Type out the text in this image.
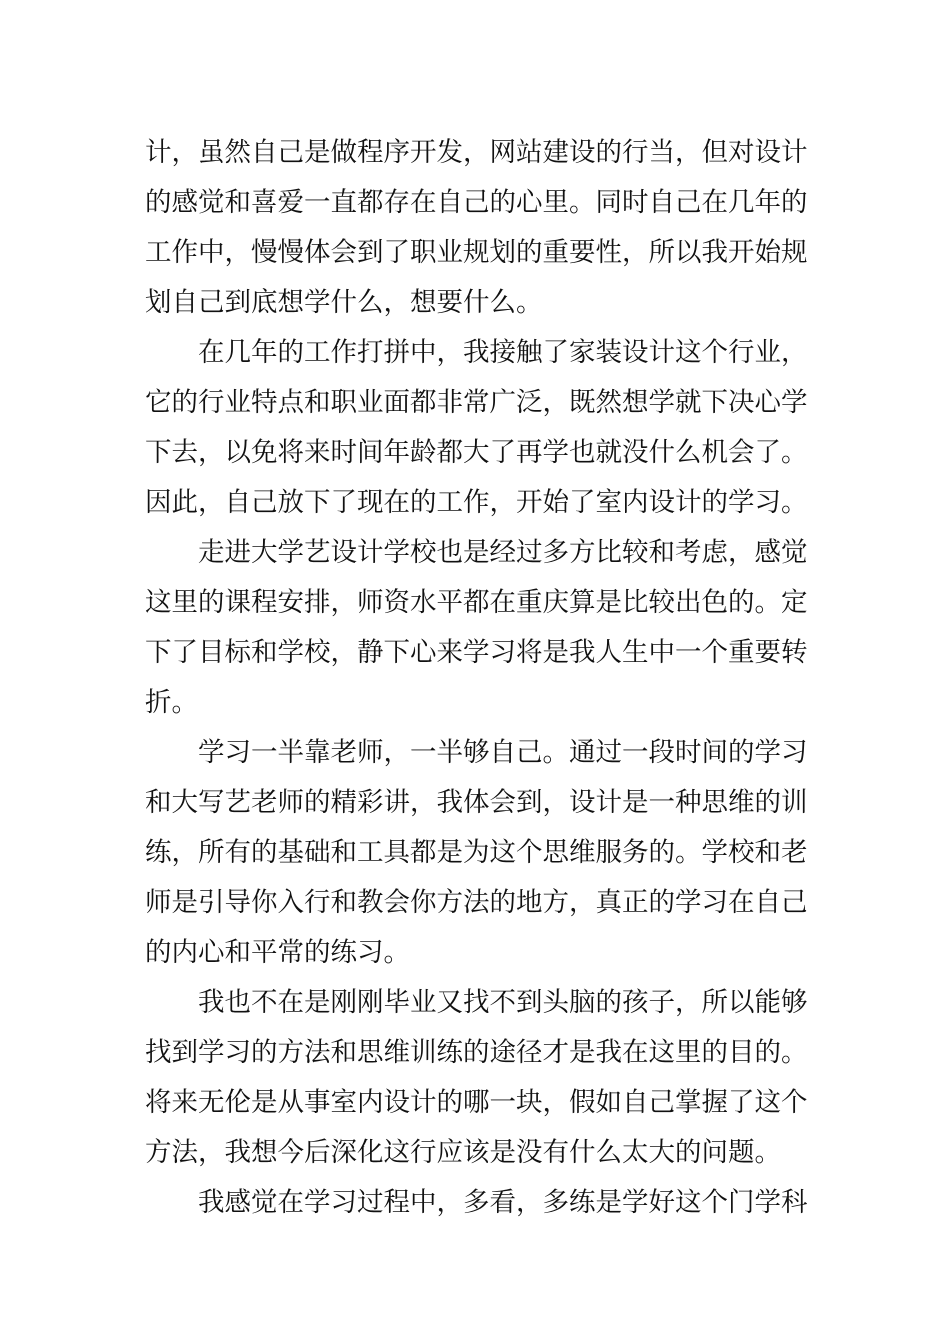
计，虽然自己是做程序开发，网站建设的行当，但对设计
的感觉和喜爱一直都存在自己的心里。同时自己在几年的
工作中，慢慢体会到了职业规划的重要性，所以我开始规
划自己到底想学什么，想要什么。
在几年的工作打拼中，我接触了家装设计这个行业，
它的行业特点和职业面都非常广泛，既然想学就下决心学
下去，以免将来时间年龄都大了再学也就没什么机会了。
因此，自己放下了现在的工作，开始了室内设计的学习。
走进大学艺设计学校也是经过多方比较和考虑，感觉
这里的课程安排，师资水平都在重庆算是比较出色的。定
下了目标和学校，静下心来学习将是我人生中一个重要转
折。
学习一半靠老师，一半够自己。通过一段时间的学习
和大写艺老师的精彩讲，我体会到，设计是一种思维的训
练，所有的基础和工具都是为这个思维服务的。学校和老
师是引导你入行和教会你方法的地方，真正的学习在自己
的内心和平常的练习。
我也不在是刚刚毕业又找不到头脑的孩子，所以能够
找到学习的方法和思维训练的途径才是我在这里的目的。
将来无伦是从事室内设计的哪一块，假如自己掌握了这个
方法，我想今后深化这行应该是没有什么太大的问题。
我感觉在学习过程中，多看，多练是学好这个门学科
